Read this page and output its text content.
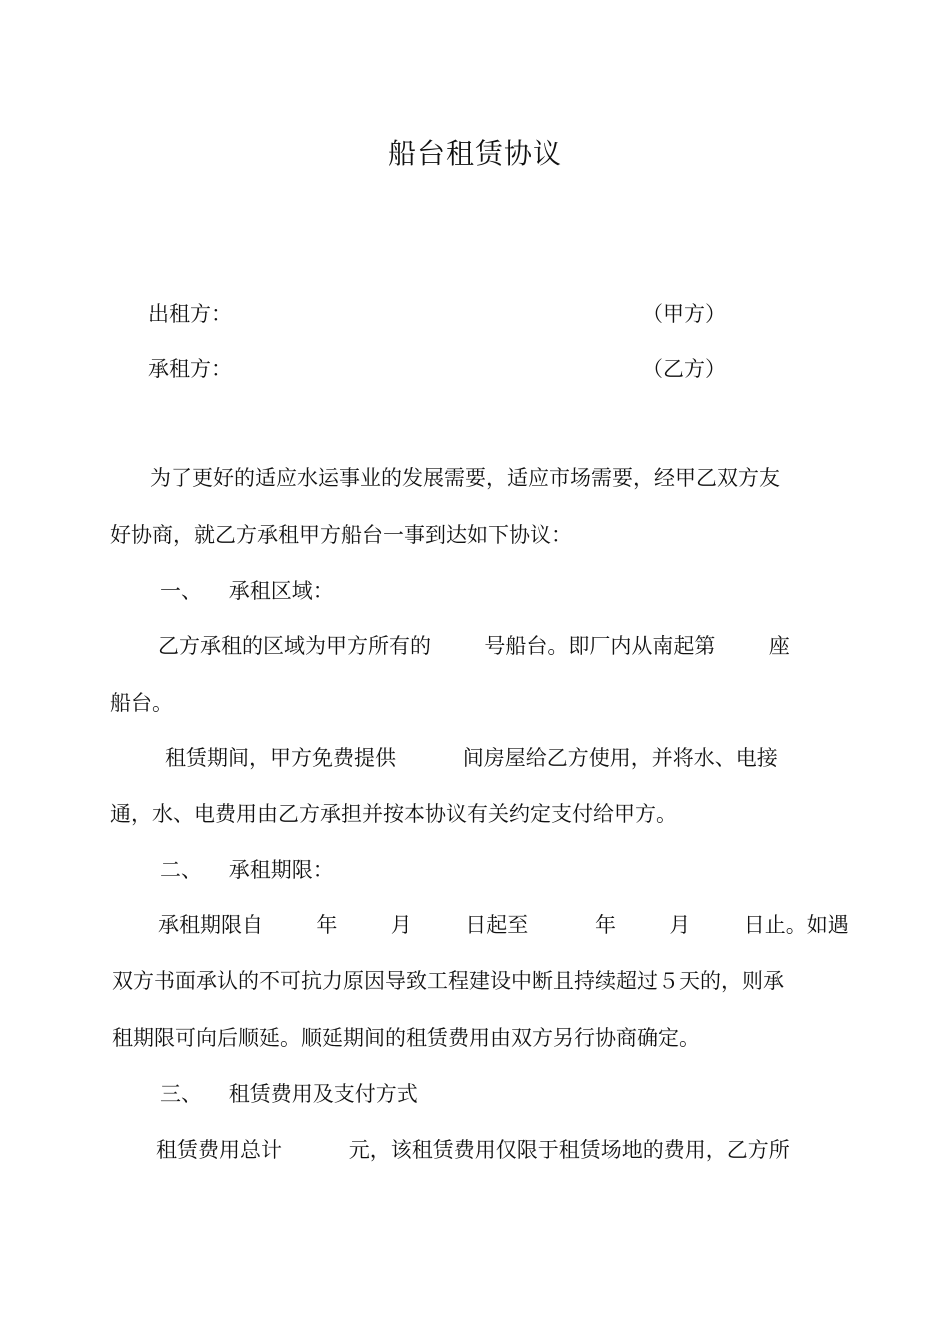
船台租赁协议
出租方：	（甲方）
承租方：	（乙方）
为了更好的适应水运事业的发展需要，适应市场需要，经甲乙双方友
好协商，就乙方承租甲方船台一事到达如下协议：
一、    承租区域：
乙方承租的区域为甲方所有的        号船台。即厂内从南起第        座
船台。
租赁期间，甲方免费提供          间房屋给乙方使用，并将水、电接
通，水、电费用由乙方承担并按本协议有关约定支付给甲方。
二、    承租期限：
承租期限自        年        月        日起至          年        月        日止。如遇
双方书面承认的不可抗力原因导致工程建设中断且持续超过５天的，则承
租期限可向后顺延。顺延期间的租赁费用由双方另行协商确定。
三、    租赁费用及支付方式
租赁费用总计          元，该租赁费用仅限于租赁场地的费用，乙方所
